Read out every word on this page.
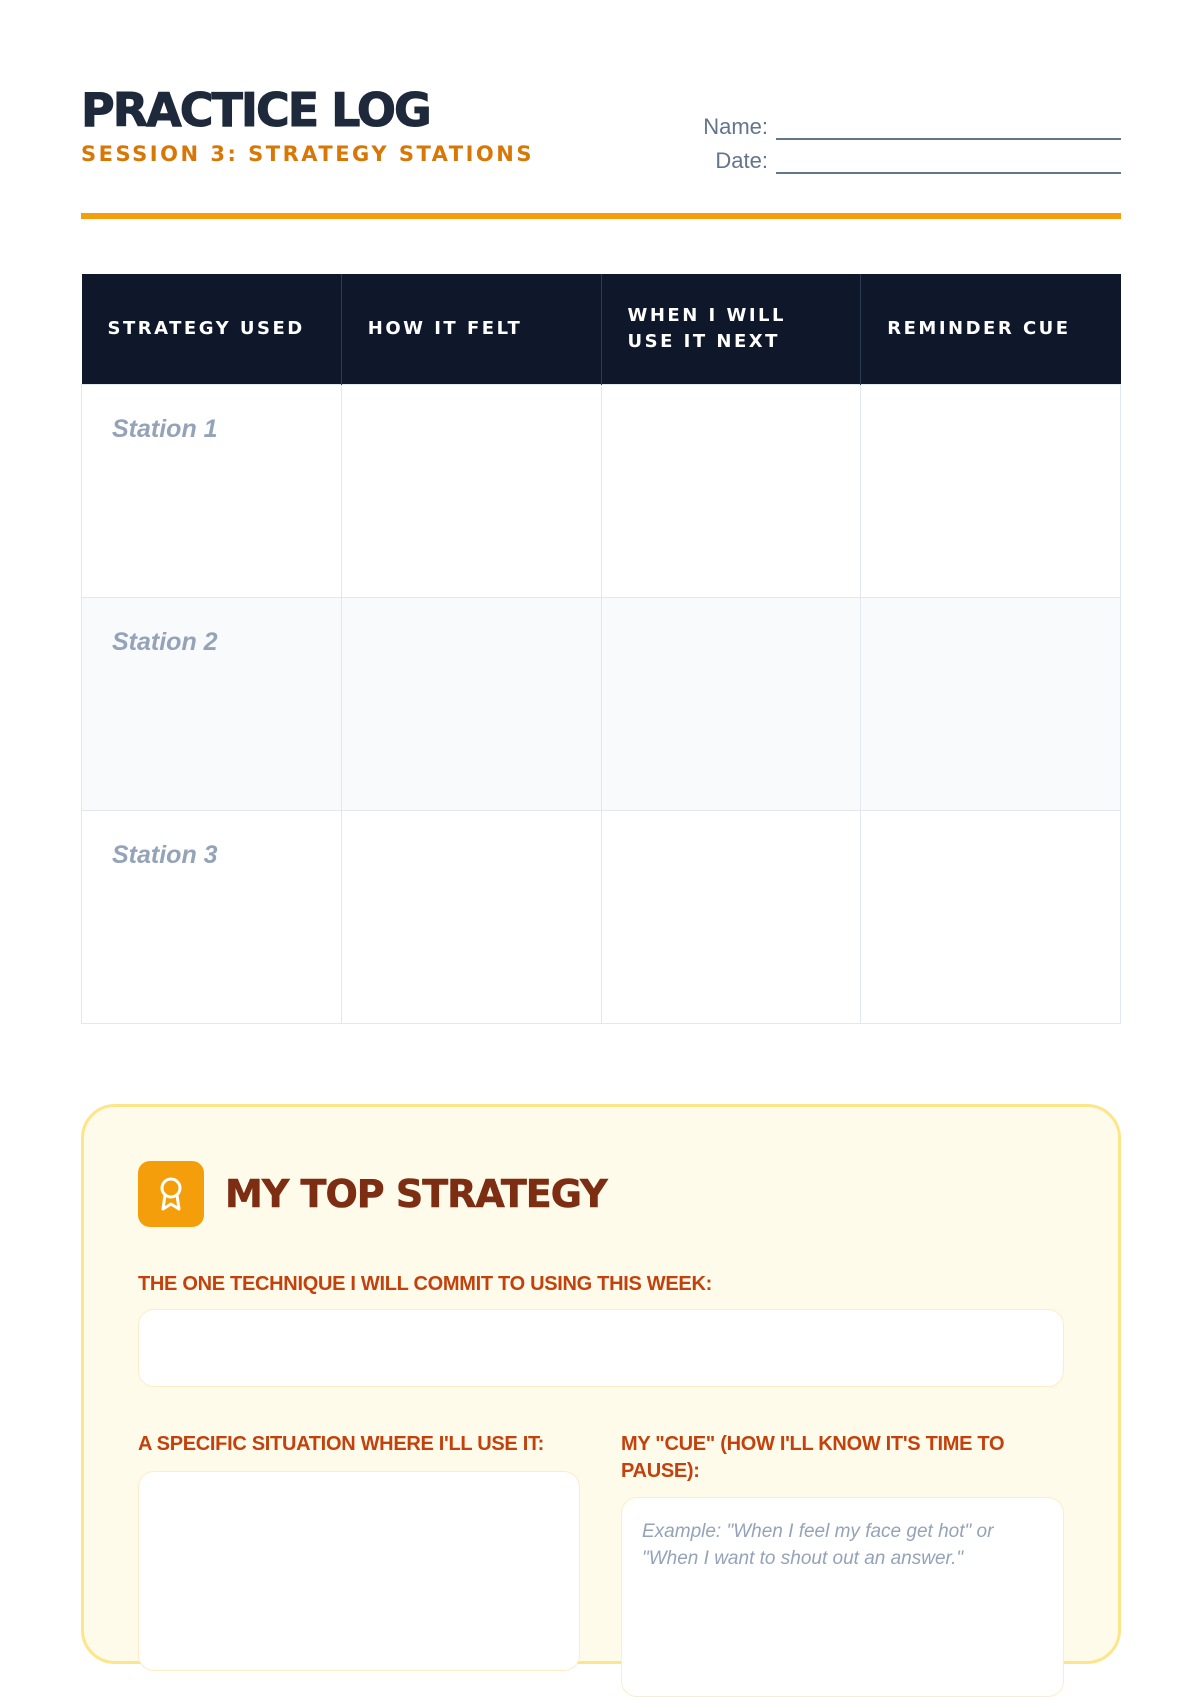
PRACTICE LOG
SESSION 3: STRATEGY STATIONS
Name:
Date:
STRATEGY USED	HOW IT FELT	WHEN I WILL USE IT NEXT	REMINDER CUE
Station 1			
Station 2			
Station 3			
MY TOP STRATEGY
THE ONE TECHNIQUE I WILL COMMIT TO USING THIS WEEK:
A SPECIFIC SITUATION WHERE I'LL USE IT:	MY "CUE" (HOW I'LL KNOW IT'S TIME TO PAUSE):
Example: "When I feel my face get hot" or "When I want to shout out an answer."
